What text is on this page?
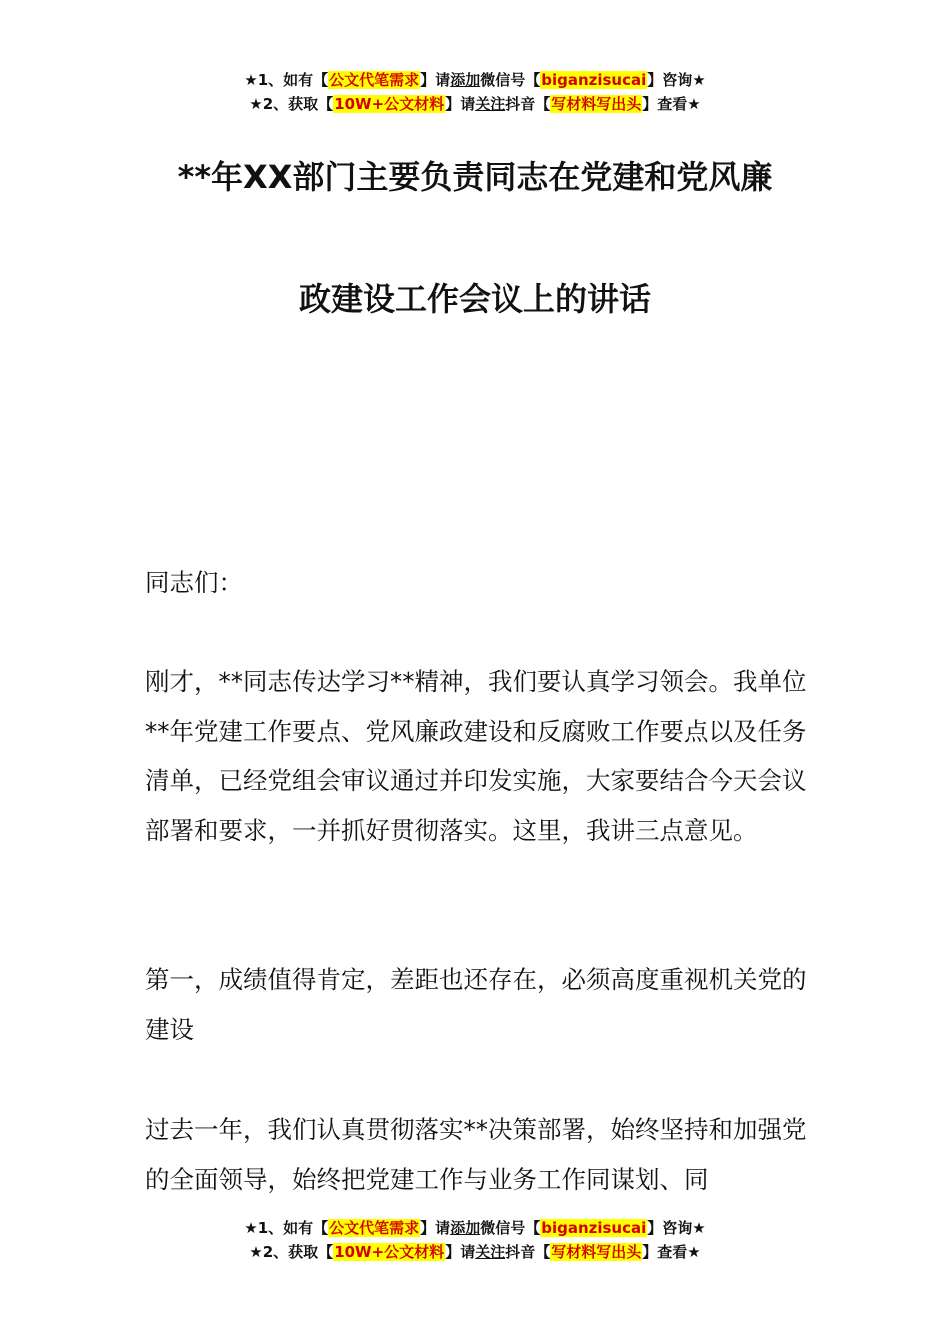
★1、如有【公文代笔需求】请添加微信号【biganzisucai】咨询★
★2、获取【10W+公文材料】请关注抖音【写材料写出头】查看★
**年XX部门主要负责同志在党建和党风廉
政建设工作会议上的讲话

同志们：

刚才，**同志传达学习**精神，我们要认真学习领会。我单位**年党建工作要点、党风廉政建设和反腐败工作要点以及任务清单，已经党组会审议通过并印发实施，大家要结合今天会议部署和要求，一并抓好贯彻落实。这里，我讲三点意见。

第一，成绩值得肯定，差距也还存在，必须高度重视机关党的建设

过去一年，我们认真贯彻落实**决策部署，始终坚持和加强党的全面领导，始终把党建工作与业务工作同谋划、同

★1、如有【公文代笔需求】请添加微信号【biganzisucai】咨询★
★2、获取【10W+公文材料】请关注抖音【写材料写出头】查看★
